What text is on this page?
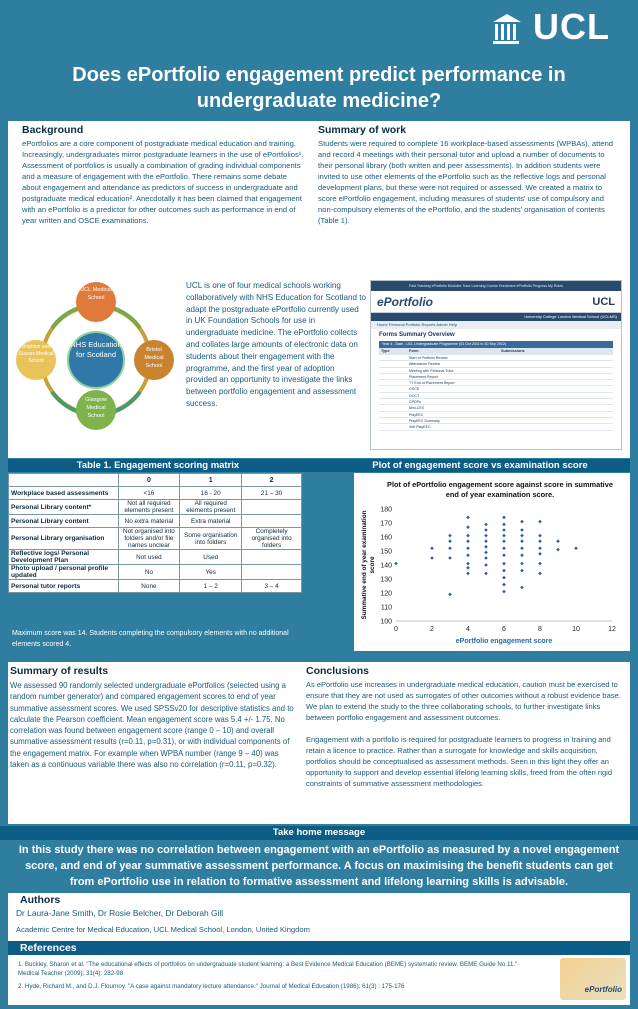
UCL
Does ePortfolio engagement predict performance in undergraduate medicine?
Background
ePortfolios are a core component of postgraduate medical education and training. Increasingly, undergraduates mirror postgraduate learners in the use of ePortfolios¹. Assessment of portfolios is usually a combination of grading individual components and a measure of engagement with the ePortfolio. There remains some debate about engagement and attendance as predictors of success in undergraduate and postgraduate medical education². Anecdotally it has been claimed that engagement with an ePortfolio is a predictor for other outcomes such as performance in end of year written and OSCE examinations.
Summary of work
Students were required to complete 16 workplace-based assessments (WPBAs), attend and record 4 meetings with their personal tutor and upload a number of documents to their personal library (both written and peer assessments). In addition students were invited to use other elements of the ePortfolio such as the reflective logs and personal development plans, but these were not required or assessed. We created a matrix to score ePortfolio engagement, including measures of students' use of compulsory and non-compulsory elements of the ePortfolio, and the students' organisation of contents (Table 1).
NHS Education for Scotland
UCL Medical School
Bristol Medical School
Glasgow Medical School
Brighton and Sussex Medical School
UCL is one of four medical schools working collaboratively with NHS Education for Scotland to adapt the postgraduate ePortfolio currently used in UK Foundation Schools for use in undergraduate medicine. The ePortfolio collects and collates large amounts of electronic data on students about their engagement with the programme, and the first year of adoption provided an opportunity to investigate the links between portfolio engagement and assessment success.
Fast Tracking ePortfolio Modules Tutor Learning Course Enrolment ePortfolio Progress My Roles
ePortfolio	UCL
University College London Medical School (UCLMS)
Home Personal Portfolio Reports Admin Help
Forms Summary Overview
Year 4 - Date - UCL Undergraduate Programme (01 Oct 2011 to 30 Sep 2012)
Type	Form	Submissions
Start of Portfolio Review
Attendance Review
Meeting with Personal Tutor
Placement Report
TT End of Placement Report
OSCE
DOCT
CPDPs
Mini-CEX
PlayEEC
PlayEEC Summary
Self PlayEEC
Table 1. Engagement scoring matrix	Plot of engagement score vs examination score
	0	1	2
Workplace based assessments	<16	16 - 20	21 – 30
Personal Library content*	Not all required elements present	All required elements present	
Personal Library content	No extra material	Extra material	
Personal Library organisation	Not organised into folders and/or file names unclear	Some organisation into folders	Completely organised into folders
Reflective logs/ Personal Development Plan	Not used	Used	
Photo upload / personal profile updated	No	Yes	
Personal tutor reports	None	1 – 2	3 – 4
Maximum score was 14. Students completing the compulsory elements with no additional elements scored 4.
Plot of ePortfolio engagement score against score in summative end of year examination score.
100
110
120
130
140
150
160
170
180
0	2	4	6	8	10	12
ePortfolio engagement score
Summative end of year examinationscore
Summary of results
We assessed 90 randomly selected undergraduate ePortfolios (selected using a random number generator) and compared engagement scores to end of year summative assessment scores. We used SPSSv20 for descriptive statistics and to calculate the Pearson coefficient. Mean engagement score was 5.4 +/- 1.75. No correlation was found between engagement score (range 0 – 10) and overall summative assessment results (r=0.11, p=0.31), or with individual components of the engagement matrix. For example when WPBA number (range 9 – 40) was taken as a continuous variable there was also no correlation (r=0.11, p=0.32).
Conclusions
As ePortfolio use increases in undergraduate medical education, caution must be exercised to ensure that they are not used as surrogates of other outcomes without a robust evidence base. We plan to extend the study to the three collaborating schools, to further investigate links between portfolio engagement and assessment outcomes.
Engagement with a portfolio is required for postgraduate learners to progress in training and retain a licence to practice. Rather than a surrogate for knowledge and skills acquisition, portfolios should be conceptualised as assessment methods. Seen in this light they offer an opportunity to support and develop essential lifelong learning skills, freed from the often rigid constraints of summative assessment methodologies.
Take home message
In this study there was no correlation between engagement with an ePortfolio as measured by a novel engagement score, and end of year summative assessment performance. A focus on maximising the benefit students can get from ePortfolio use in relation to formative assessment and lifelong learning skills is advisable.
Authors
Dr Laura-Jane Smith, Dr Rosie Belcher, Dr Deborah Gill
Academic Centre for Medical Education, UCL Medical School, London, United Kingdom
References
1. Buckley, Sharon et al. "The educational effects of portfolios on undergraduate student learning: a Best Evidence Medical Education (BEME) systematic review. BEME Guide No.11." Medical Teacher (2009); 31(4): 282-98
2. Hyde, Richard M., and D.J. Flournoy. "A case against mandatory lecture attendance." Journal of Medical Education (1986); 61(3) : 175-176	ePortfolio
